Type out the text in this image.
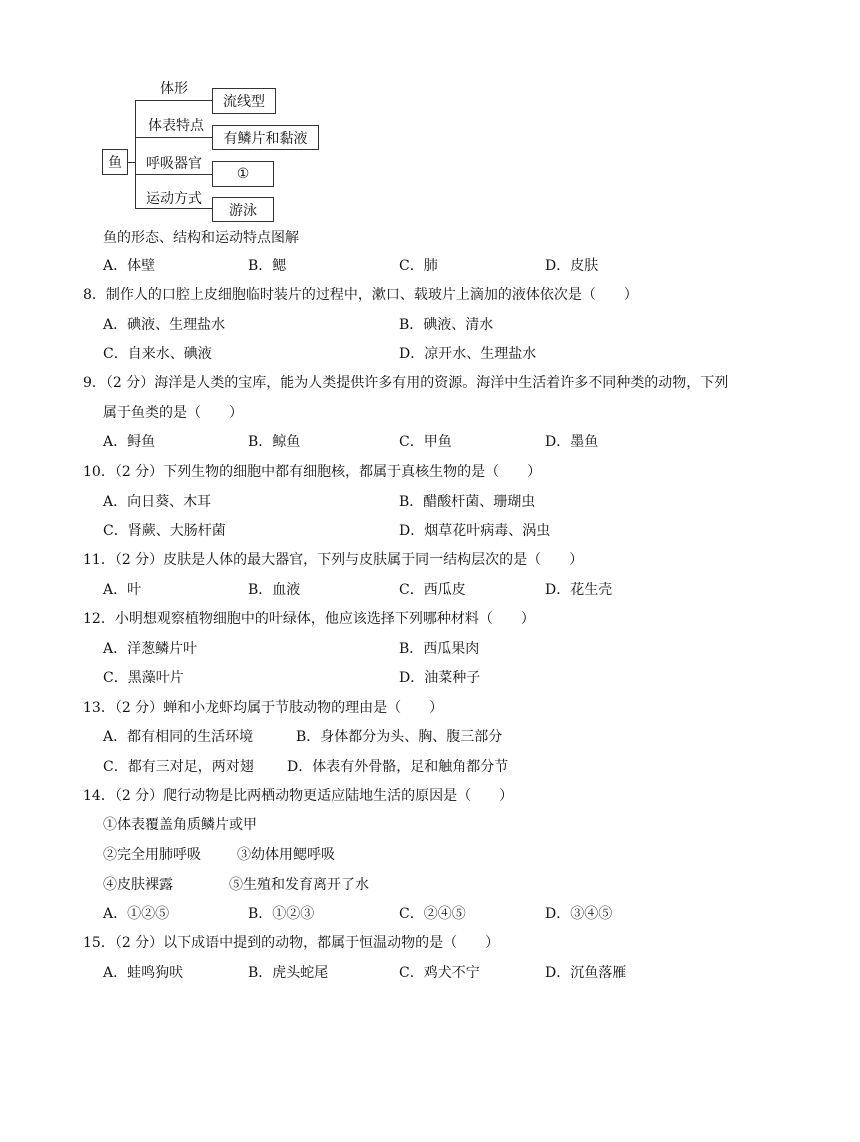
鱼
体形
体表特点
呼吸器官
运动方式
流线型
有鳞片和黏液
①
游泳
鱼的形态、结构和运动特点图解
A．体壁	B．鳃	C．肺	D．皮肤
8．制作人的口腔上皮细胞临时装片的过程中，漱口、载玻片上滴加的液体依次是（　　）
A．碘液、生理盐水	B．碘液、清水
C．自来水、碘液	D．凉开水、生理盐水
9．（2 分）海洋是人类的宝库，能为人类提供许多有用的资源。海洋中生活着许多不同种类的动物，下列
属于鱼类的是（　　）
A．鲟鱼	B．鲸鱼	C．甲鱼	D．墨鱼
10．（2 分）下列生物的细胞中都有细胞核，都属于真核生物的是（　　）
A．向日葵、木耳	B．醋酸杆菌、珊瑚虫
C．肾蕨、大肠杆菌	D．烟草花叶病毒、涡虫
11．（2 分）皮肤是人体的最大器官，下列与皮肤属于同一结构层次的是（　　）
A．叶	B．血液	C．西瓜皮	D．花生壳
12．小明想观察植物细胞中的叶绿体，他应该选择下列哪种材料（　　）
A．洋葱鳞片叶	B．西瓜果肉
C．黑藻叶片	D．油菜种子
13．（2 分）蝉和小龙虾均属于节肢动物的理由是（　　）
A．都有相同的生活环境	B．身体都分为头、胸、腹三部分
C．都有三对足，两对翅 D．体表有外骨骼，足和触角都分节
14．（2 分）爬行动物是比两栖动物更适应陆地生活的原因是（　　）
①体表覆盖角质鳞片或甲
②完全用肺呼吸	③幼体用鳃呼吸
④皮肤裸露	⑤生殖和发育离开了水
A．①②⑤	B．①②③	C．②④⑤	D．③④⑤
15．（2 分）以下成语中提到的动物，都属于恒温动物的是（　　）
A．蛙鸣狗吠	B．虎头蛇尾	C．鸡犬不宁	D．沉鱼落雁
